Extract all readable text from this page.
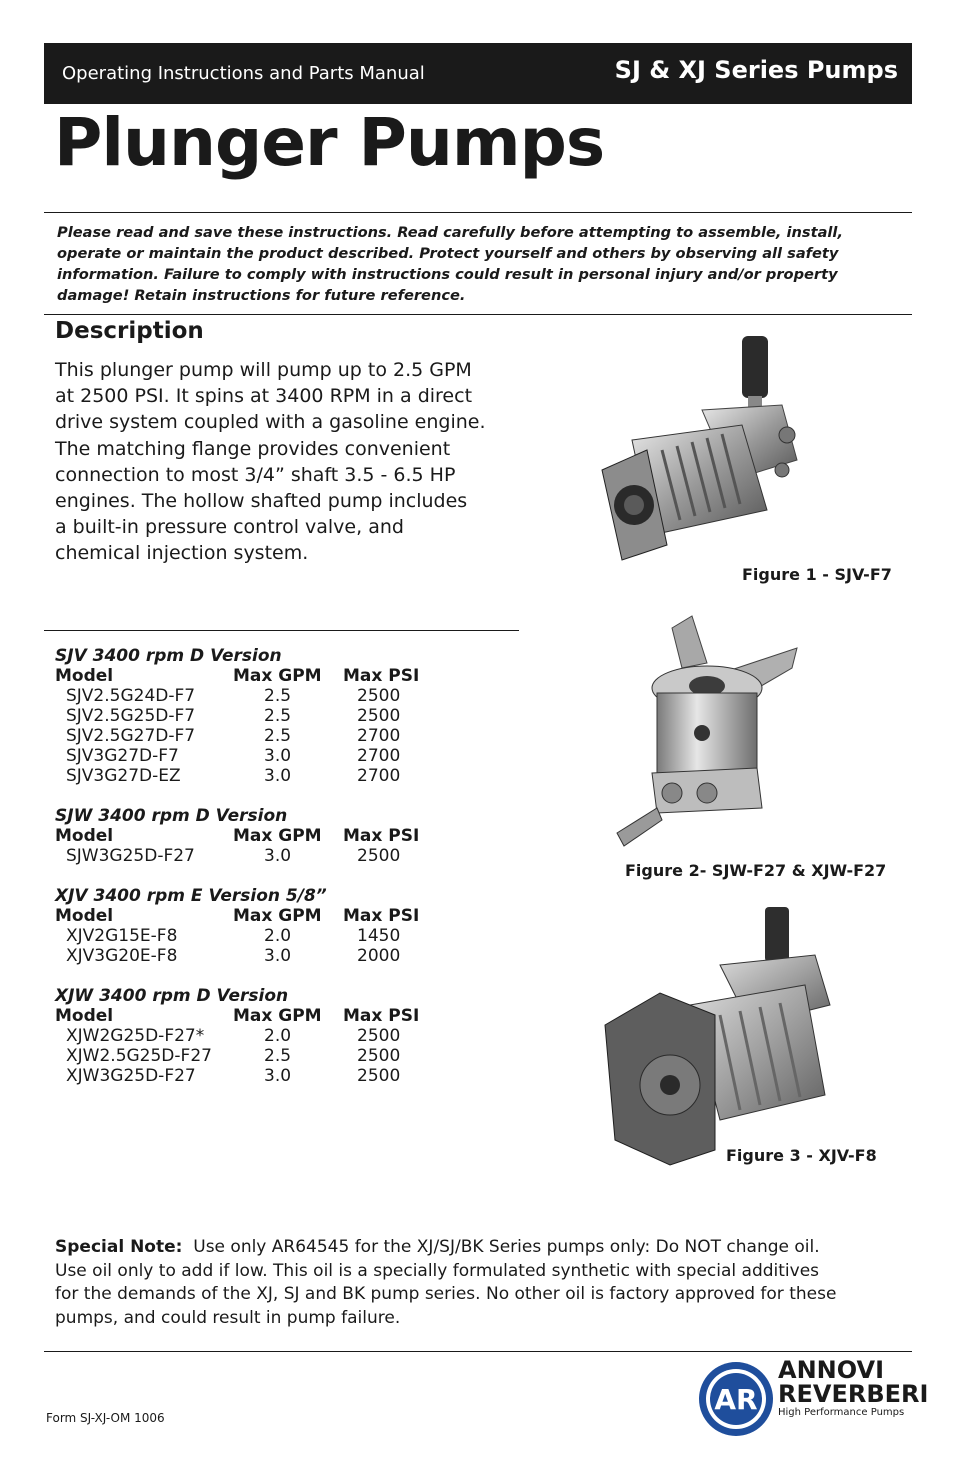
Operating Instructions and Parts Manual	SJ & XJ Series Pumps
Plunger Pumps
Please read and save these instructions. Read carefully before attempting to assemble, install, operate or maintain the product described. Protect yourself and others by observing all safety information. Failure to comply with instructions could result in personal injury and/or property damage! Retain instructions for future reference.
Description
This plunger pump will pump up to 2.5 GPM
at 2500 PSI. It spins at 3400 RPM in a direct
drive system coupled with a gasoline engine.
The matching flange provides convenient
connection to most 3/4” shaft 3.5 - 6.5 HP
engines. The hollow shafted pump includes
a built-in pressure control valve, and
chemical injection system.
Figure 1 - SJV-F7
Figure 2- SJW-F27 & XJW-F27
Figure 3 - XJV-F8
SJV 3400 rpm D Version
Model	Max GPM	Max PSI
SJV2.5G24D-F7	2.5	2500
SJV2.5G25D-F7	2.5	2500
SJV2.5G27D-F7	2.5	2700
SJV3G27D-F7	3.0	2700
SJV3G27D-EZ	3.0	2700
SJW 3400 rpm D Version
Model	Max GPM	Max PSI
SJW3G25D-F27	3.0	2500
XJV 3400 rpm E Version 5/8”
Model	Max GPM	Max PSI
XJV2G15E-F8	2.0	1450
XJV3G20E-F8	3.0	2000
XJW 3400 rpm D Version
Model	Max GPM	Max PSI
XJW2G25D-F27*	2.0	2500
XJW2.5G25D-F27	2.5	2500
XJW3G25D-F27	3.0	2500
Special Note: Use only AR64545 for the XJ/SJ/BK Series pumps only: Do NOT change oil.
Use oil only to add if low. This oil is a specially formulated synthetic with special additives
for the demands of the XJ, SJ and BK pump series. No other oil is factory approved for these
pumps, and could result in pump failure.
Form SJ-XJ-OM 1006
AR
ANNOVI
REVERBERI
High Performance Pumps
